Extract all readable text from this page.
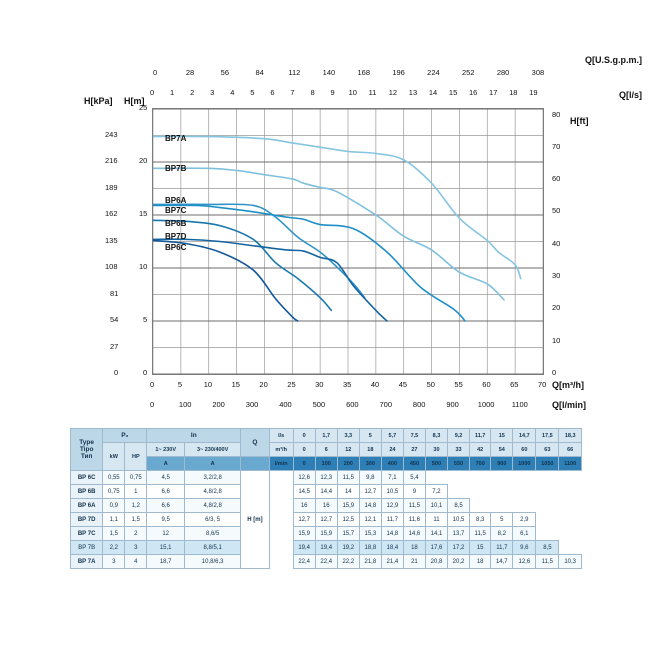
Q[U.S.g.p.m.]
0	28	56	84	112	140	168	196	224	252	280	308
Q[l/s]
0 1 2 3 4 5 6 7 8 9 10 11 12 13 14 15 16 17 18 19
H[kPa] H[m]
H[ft]
0
27
54
81
108
135
162
189
216
243
0
5
10
15
20
25
0
10
20
30
40
50
60
70
80
0	5	10	15	20	25	30	35	40	45	50	55	60	65	70 Q[m³/h]
0	100	200	300	400	500	600	700	800	900	1000 1100	Q[l/min]
BP7A
BP7B
BP6A
BP7C
BP6B
BP7D
BP6C
Type
Tipo
Тип	P₂		In		Q	l/s	0	1,7	3,3	5	5,7	7,5	8,3	9,2	11,7	15	14,7	17,5	18,3
	kW	HP	1~ 230V	3~ 230/400V		m³/h	0	6	12	18	24	27	30	33	42	54	60	63	66
			A	A		l/min	0	100	200	300	400	450	500	550	700	900	1000	1050	1100
BP 6C	0,55	0,75	4,5	3,2/2,8	H [m]		12,6	12,3	11,5	9,8	7,1	5,4							
BP 6B	0,75	1	6,6	4,8/2,8			14,5	14,4	14	12,7	10,5	9	7,2						
BP 6A	0,9	1,2	6,6	4,8/2,8			16	16	15,9	14,8	12,9	11,5	10,1	8,5					
BP 7D	1,1	1,5	9,5	6/3, 5			12,7	12,7	12,5	12,1	11,7	11,6	11	10,5	8,3	5	2,9		
BP 7C	1,5	2	12	8,6/5			15,9	15,9	15,7	15,3	14,8	14,6	14,1	13,7	11,5	8,2	6,1		
BP 7B	2,2	3	15,1	8,8/5,1			19,4	19,4	19,2	18,8	18,4	18	17,6	17,2	15	11,7	9,6	8,5	
BP 7A	3	4	18,7	10,8/6,3			22,4	22,4	22,2	21,8	21,4	21	20,8	20,2	18	14,7	12,6	11,5	10,3
